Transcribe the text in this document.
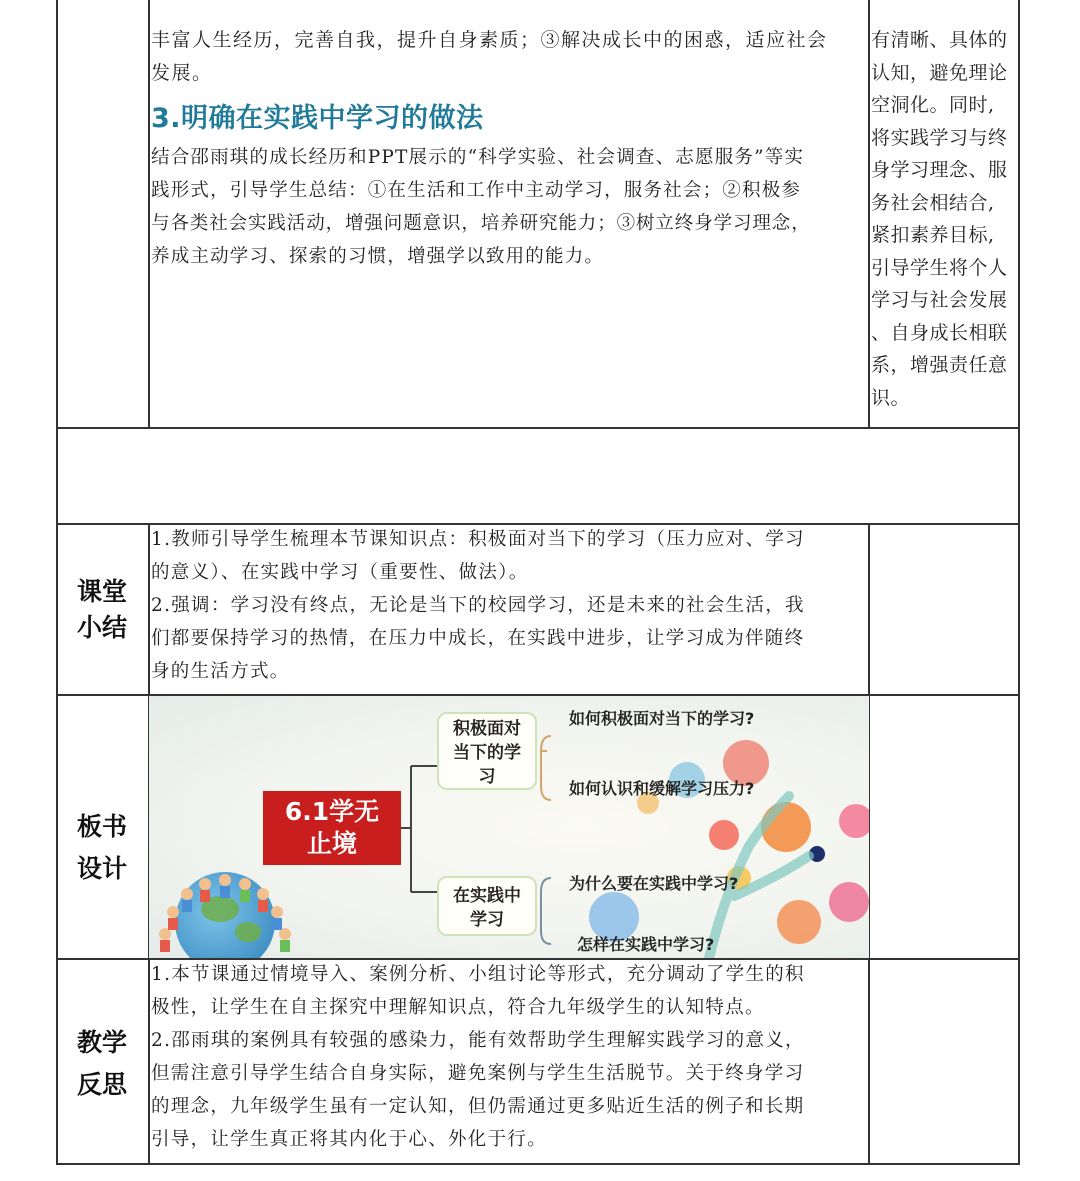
丰富人生经历，完善自我，提升自身素质；③解决成长中的困惑，适应社会

发展。

3.明确在实践中学习的做法

结合邵雨琪的成长经历和PPT展示的“科学实验、社会调查、志愿服务”等实

践形式，引导学生总结：①在生活和工作中主动学习，服务社会；②积极参

与各类社会实践活动，增强问题意识，培养研究能力；③树立终身学习理念，

养成主动学习、探索的习惯，增强学以致用的能力。

有清晰、具体的
认知，避免理论
空洞化。同时,
将实践学习与终
身学习理念、服
务社会相结合,
紧扣素养目标,
引导学生将个人
学习与社会发展
、自身成长相联
系，增强责任意
识。
课堂
小结

1.教师引导学生梳理本节课知识点：积极面对当下的学习（压力应对、学习

的意义）、在实践中学习（重要性、做法）。

2.强调：学习没有终点，无论是当下的校园学习，还是未来的社会生活，我

们都要保持学习的热情，在压力中成长，在实践中进步，让学习成为伴随终

身的生活方式。

板书
设计
6.1学无
止境
积极面对
当下的学
习
在实践中
学习
如何积极面对当下的学习?
如何认识和缓解学习压力?
为什么要在实践中学习?
怎样在实践中学习?
教学
反思

1.本节课通过情境导入、案例分析、小组讨论等形式，充分调动了学生的积

极性，让学生在自主探究中理解知识点，符合九年级学生的认知特点。

2.邵雨琪的案例具有较强的感染力，能有效帮助学生理解实践学习的意义，

但需注意引导学生结合自身实际，避免案例与学生生活脱节。关于终身学习

的理念，九年级学生虽有一定认知，但仍需通过更多贴近生活的例子和长期

引导，让学生真正将其内化于心、外化于行。
